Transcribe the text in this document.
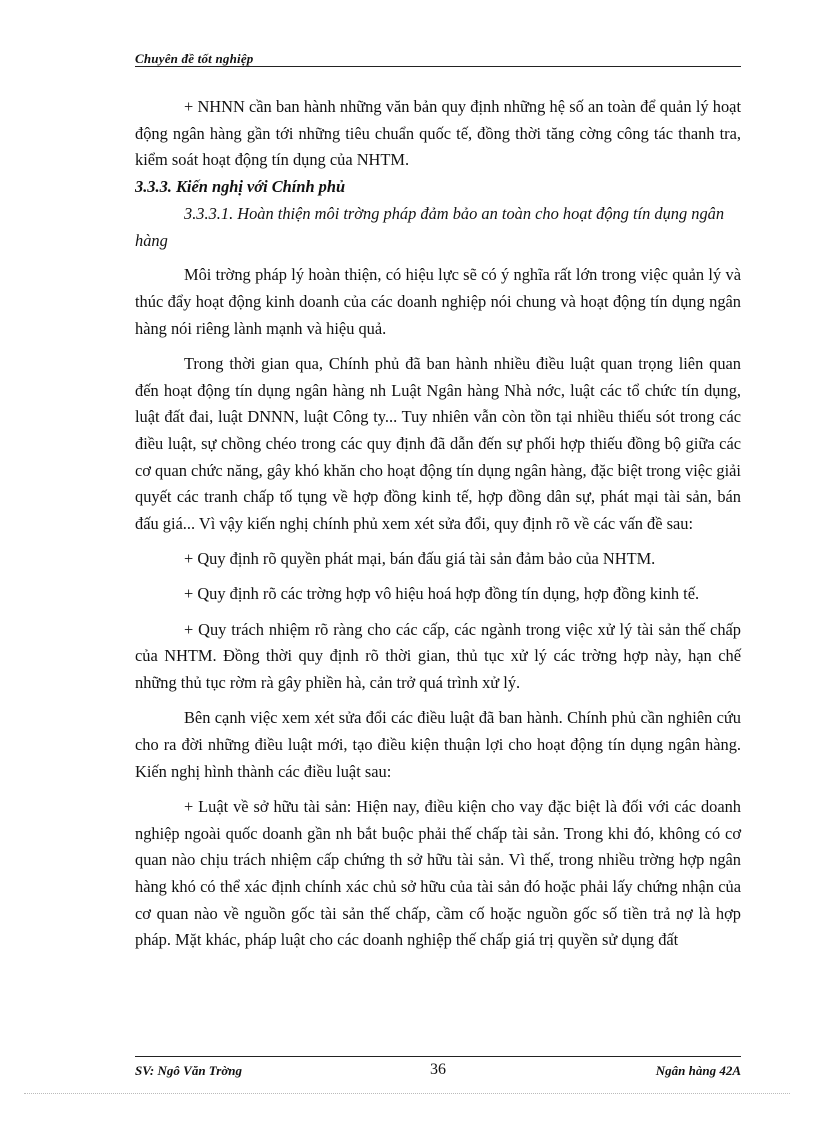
Chuyên đề tốt nghiệp

+ NHNN cần ban hành những văn bản quy định những hệ số an toàn để quản lý hoạt động ngân hàng gần tới những tiêu chuẩn quốc tế, đồng thời tăng cờng công tác thanh tra, kiểm soát hoạt động tín dụng của NHTM.

3.3.3. Kiến nghị với Chính phủ

3.3.3.1. Hoàn thiện môi trờng pháp đảm bảo an toàn cho hoạt động tín dụng ngân hàng

Môi trờng pháp lý hoàn thiện, có hiệu lực sẽ có ý nghĩa rất lớn trong việc quản lý và thúc đẩy hoạt động kinh doanh của các doanh nghiệp nói chung và hoạt động tín dụng ngân hàng nói riêng lành mạnh và hiệu quả.

Trong thời gian qua, Chính phủ đã ban hành nhiều điều luật quan trọng liên quan đến hoạt động tín dụng ngân hàng nh Luật Ngân hàng Nhà nớc, luật các tổ chức tín dụng, luật đất đai, luật DNNN, luật Công ty... Tuy nhiên vẫn còn tồn tại nhiều thiếu sót trong các điều luật, sự chồng chéo trong các quy định đã dẫn đến sự phối hợp thiếu đồng bộ giữa các cơ quan chức năng, gây khó khăn cho hoạt động tín dụng ngân hàng, đặc biệt trong việc giải quyết các tranh chấp tố tụng về hợp đồng kinh tế, hợp đồng dân sự, phát mại tài sản, bán đấu giá... Vì vậy kiến nghị chính phủ xem xét sửa đổi, quy định rõ về các vấn đề sau:

+ Quy định rõ quyền phát mại, bán đấu giá tài sản đảm bảo của NHTM.

+ Quy định rõ các trờng hợp vô hiệu hoá hợp đồng tín dụng, hợp đồng kinh tế.

+ Quy trách nhiệm rõ ràng cho các cấp, các ngành trong việc xử lý tài sản thế chấp của NHTM. Đồng thời quy định rõ thời gian, thủ tục xử lý các trờng hợp này, hạn chế những thủ tục rờm rà gây phiền hà, cản trở quá trình xử lý.

Bên cạnh việc xem xét sửa đổi các điều luật đã ban hành. Chính phủ cần nghiên cứu cho ra đời những điều luật mới, tạo điều kiện thuận lợi cho hoạt động tín dụng ngân hàng. Kiến nghị hình thành các điều luật sau:

+ Luật về sở hữu tài sản: Hiện nay, điều kiện cho vay đặc biệt là đối với các doanh nghiệp ngoài quốc doanh gần nh bắt buộc phải thế chấp tài sản. Trong khi đó, không có cơ quan nào chịu trách nhiệm cấp chứng th sở hữu tài sản. Vì thế, trong nhiều trờng hợp ngân hàng khó có thể xác định chính xác chủ sở hữu của tài sản đó hoặc phải lấy chứng nhận của cơ quan nào về nguồn gốc tài sản thế chấp, cầm cố hoặc nguồn gốc số tiền trả nợ là hợp pháp. Mặt khác, pháp luật cho các doanh nghiệp thế chấp giá trị quyền sử dụng đất

SV: Ngô Văn Trờng	36	Ngân hàng 42A
